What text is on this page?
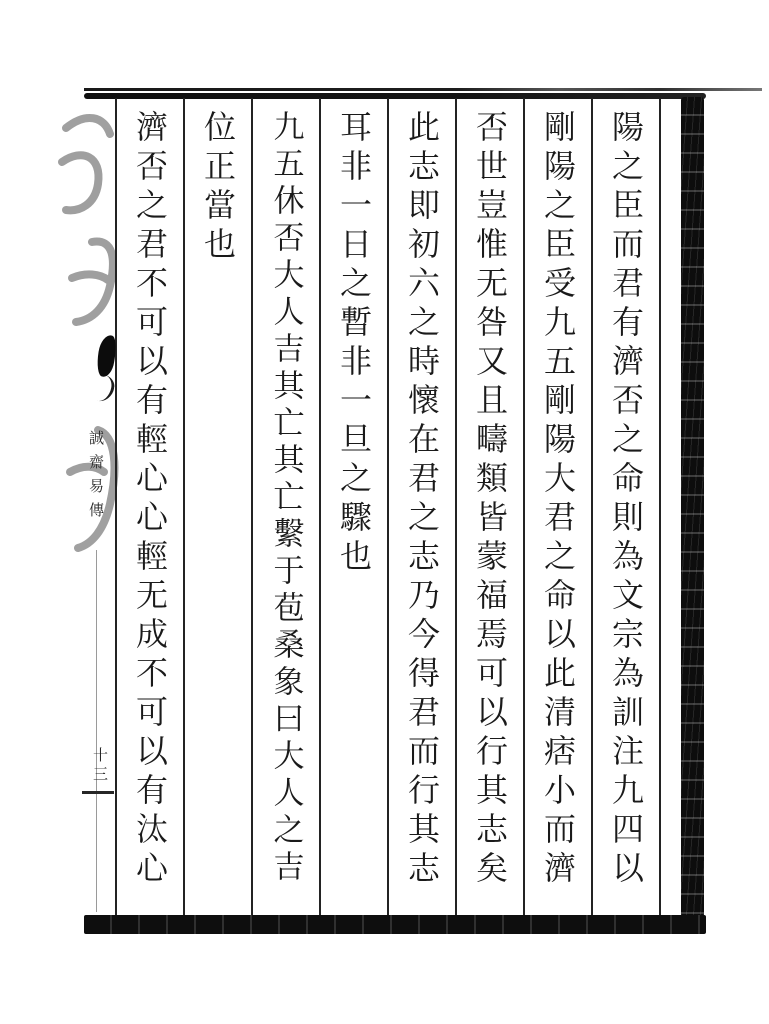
陽之臣而君有濟否之命則為文宗為訓注九四以
剛陽之臣受九五剛陽大君之命以此清痞小而濟
否世豈惟无咎又且疇類皆蒙福焉可以行其志矣
此志即初六之時懷在君之志乃今得君而行其志
耳非一日之暫非一旦之驟也
九五休否大人吉其亡其亡繫于苞桑象曰大人之吉
位正當也
濟否之君不可以有輕心心輕无成不可以有汰心
誠齋易傳
十三
